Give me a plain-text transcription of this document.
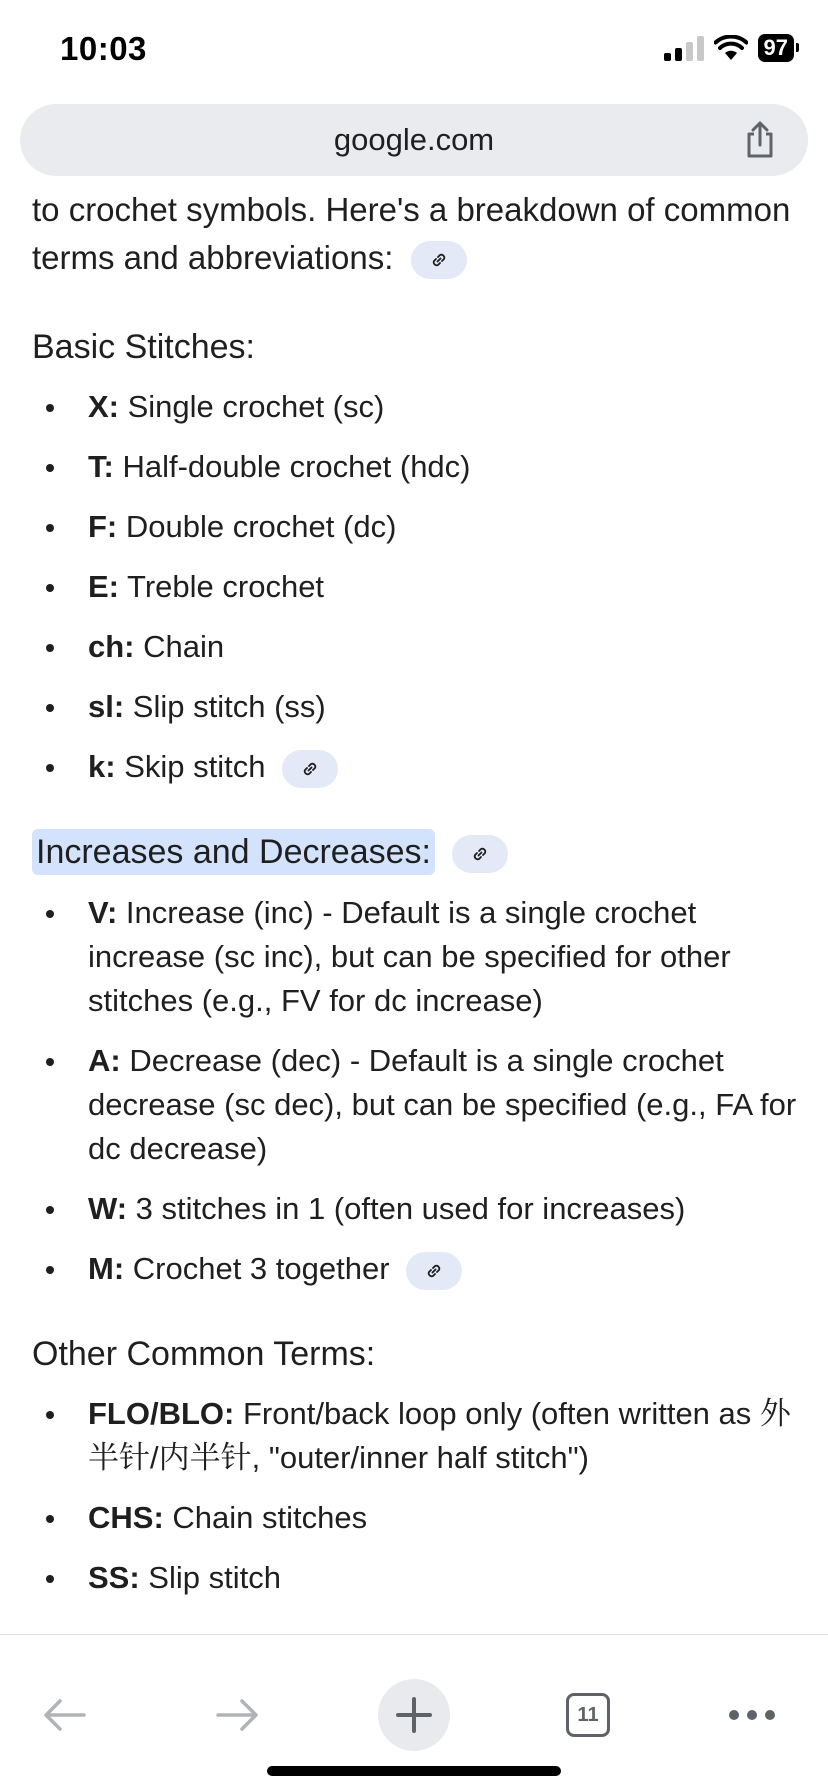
10:03	97
google.com

to crochet symbols. Here's a breakdown of common terms and abbreviations:

Basic Stitches:
X: Single crochet (sc)
T: Half-double crochet (hdc)
F: Double crochet (dc)
E: Treble crochet
ch: Chain
sl: Slip stitch (ss)
k: Skip stitch
Increases and Decreases:
V: Increase (inc) - Default is a single crochet increase (sc inc), but can be specified for other stitches (e.g., FV for dc increase)
A: Decrease (dec) - Default is a single crochet decrease (sc dec), but can be specified (e.g., FA for dc decrease)
W: 3 stitches in 1 (often used for increases)
M: Crochet 3 together
Other Common Terms:
FLO/BLO: Front/back loop only (often written as 外半针/内半针, "outer/inner half stitch")
CHS: Chain stitches
SS: Slip stitch
11
